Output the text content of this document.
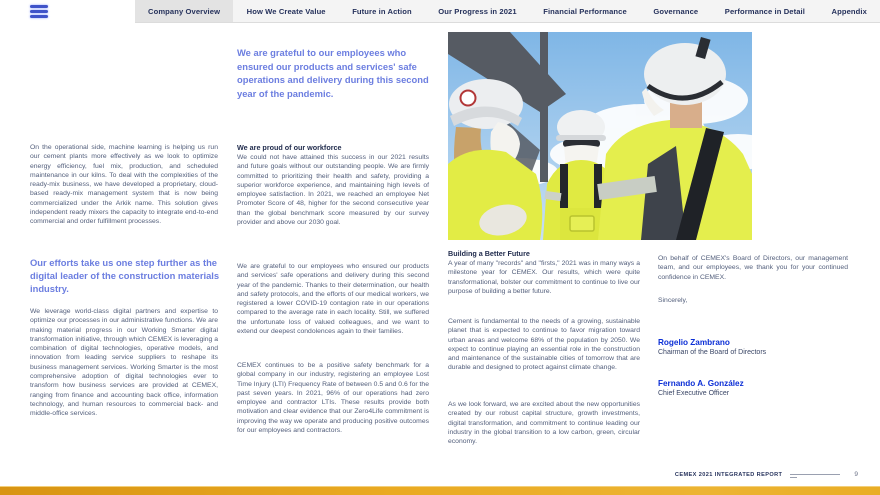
Company Overview	How We Create Value	Future in Action	Our Progress in 2021	Financial Performance	Governance	Performance in Detail	Appendix
We are grateful to our employees who ensured our products and services' safe operations and delivery during this second year of the pandemic.
On the operational side, machine learning is helping us run our cement plants more effectively as we look to optimize energy efficiency, fuel mix, production, and scheduled maintenance in our kilns. To deal with the complexities of the ready-mix business, we have developed a proprietary, cloud-based ready-mix management system that is now being commercialized under the Arkik name. This solution gives independent ready mixers the capacity to integrate end-to-end commercial and order fulfillment processes.
Our efforts take us one step further as the digital leader of the construction materials industry.
We leverage world-class digital partners and expertise to optimize our processes in our administrative functions. We are making material progress in our Working Smarter digital transformation initiative, through which CEMEX is leveraging a combination of digital technologies, operative models, and innovation from leading service suppliers to reshape its business management services. Working Smarter is the most comprehensive adoption of digital technologies ever to transform how business services are provided at CEMEX, ranging from finance and accounting back office, information technology, and human resources to commercial back- and middle-office services.
We are proud of our workforce
We could not have attained this success in our 2021 results and future goals without our outstanding people. We are firmly committed to prioritizing their health and safety, providing a superior workforce experience, and maintaining high levels of employee satisfaction. In 2021, we reached an employee Net Promoter Score of 48, higher for the second consecutive year than the global benchmark score measured by our survey provider and above our 2030 goal.
We are grateful to our employees who ensured our products and services' safe operations and delivery during this second year of the pandemic. Thanks to their determination, our health and safety protocols, and the efforts of our medical workers, we registered a lower COVID-19 contagion rate in our operations compared to the average rate in each locality. Still, we suffered the unfortunate loss of valued colleagues, and we want to extend our deepest condolences again to their families.
CEMEX continues to be a positive safety benchmark for a global company in our industry, registering an employee Lost Time Injury (LTI) Frequency Rate of between 0.5 and 0.6 for the past seven years. In 2021, 96% of our operations had zero employee and contractor LTIs. These results provide both motivation and clear evidence that our Zero4Life commitment is improving the way we operate and producing positive outcomes for our employees and contractors.
Building a Better Future
A year of many "records" and "firsts," 2021 was in many ways a milestone year for CEMEX. Our results, which were quite transformational, bolster our commitment to continue to live our purpose of building a better future.
Cement is fundamental to the needs of a growing, sustainable planet that is expected to continue to favor migration toward urban areas and welcome 68% of the population by 2050. We expect to continue playing an essential role in the construction and maintenance of the sustainable cities of tomorrow that are durable and designed to protect against climate change.
As we look forward, we are excited about the new opportunities created by our robust capital structure, growth investments, digital transformation, and commitment to continue leading our industry in the global transition to a low carbon, green, circular economy.
On behalf of CEMEX's Board of Directors, our management team, and our employees, we thank you for your continued confidence in CEMEX.
Sincerely,
Rogelio Zambrano
Chairman of the Board of Directors
Fernando A. González
Chief Executive Officer
CEMEX 2021 INTEGRATED REPORT	9
